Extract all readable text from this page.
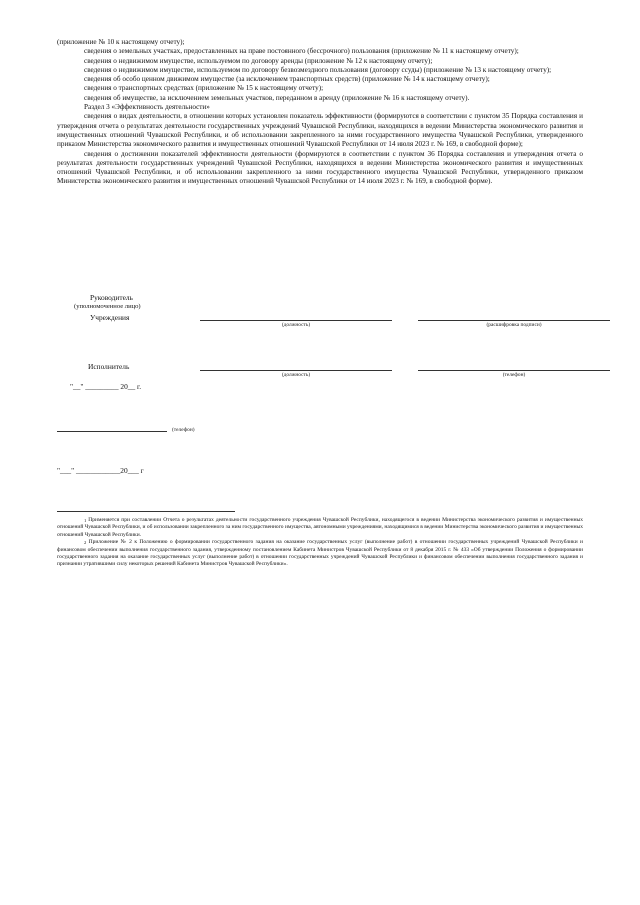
(приложение № 10 к настоящему отчету);

сведения о земельных участках, предоставленных на праве постоянного (бессрочного) пользования (приложение № 11 к настоящему отчету);

сведения о недвижимом имуществе, используемом по договору аренды (приложение № 12 к настоящему отчету);

сведения о недвижимом имуществе, используемом по договору безвозмездного пользования (договору ссуды) (приложение № 13 к настоящему отчету);

сведения об особо ценном движимом имуществе (за исключением транспортных средств) (приложение № 14 к настоящему отчету);

сведения о транспортных средствах (приложение № 15 к настоящему отчету);

сведения об имуществе, за исключением земельных участков, переданном в аренду (приложение № 16 к настоящему отчету).

Раздел 3 «Эффективность деятельности»

сведения о видах деятельности, в отношении которых установлен показатель эффективности (формируются в соответствии с пунктом 35 Порядка составления и утверждения отчета о результатах деятельности государственных учреждений Чувашской Республики, находящихся в ведении Министерства экономического развития и имущественных отношений Чувашской Республики, и об использовании закрепленного за ними государственного имущества Чувашской Республики, утвержденного приказом Министерства экономического развития и имущественных отношений Чувашской Республики от 14 июля 2023 г. № 169, в свободной форме);

сведения о достижении показателей эффективности деятельности (формируются в соответствии с пунктом 36 Порядка составления и утверждения отчета о результатах деятельности государственных учреждений Чувашской Республики, находящихся в ведении Министерства экономического развития и имущественных отношений Чувашской Республики, и об использовании закрепленного за ними государственного имущества Чувашской Республики, утвержденного приказом Министерства экономического развития и имущественных отношений Чувашской Республики от 14 июля 2023 г. № 169, в свободной форме).

Руководитель
(уполномоченное лицо)
Учреждения
(должность)	(расшифровка подписи)
Исполнитель
(должность)	(телефон)
"__" _________ 20__ г.
(телефон)
"___" ____________20___ г

$^1$ Применяется при составлении Отчета о результатах деятельности государственного учреждения Чувашской Республики, находящегося в ведении Министерства экономического развития и имущественных отношений Чувашской Республики, и об использовании закрепленного за ним государственного имущества, автономными учреждениями, находящимися в ведении Министерства экономического развития и имущественных отношений Чувашской Республики.

$^2$ Приложение № 2 к Положению о формировании государственного задания на оказание государственных услуг (выполнение работ) в отношении государственных учреждений Чувашской Республики и финансовом обеспечении выполнения государственного задания, утвержденному постановлением Кабинета Министров Чувашской Республики от 8 декабря 2015 г. № 433 «Об утверждении Положения о формировании государственного задания на оказание государственных услуг (выполнение работ) в отношении государственных учреждений Чувашской Республики и финансовом обеспечении выполнения государственного задания и признании утратившими силу некоторых решений Кабинета Министров Чувашской Республики».
